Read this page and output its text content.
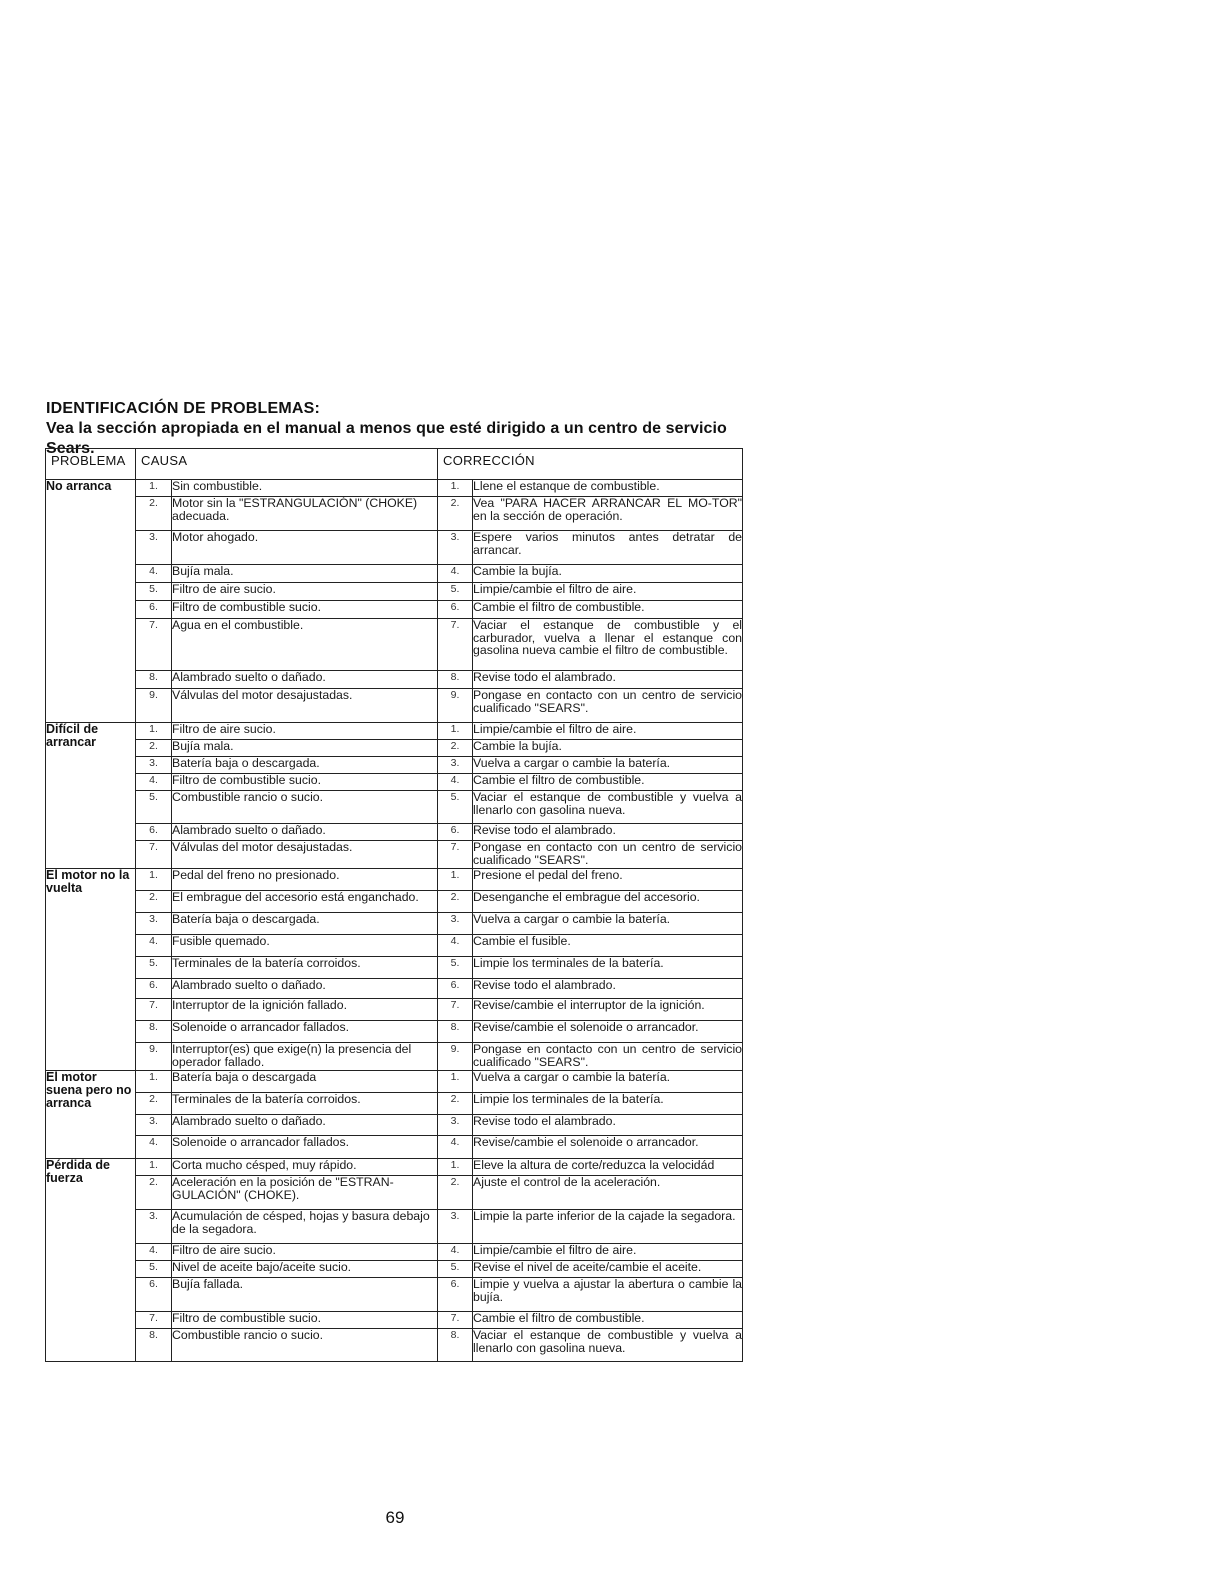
IDENTIFICACIÓN DE PROBLEMAS:
Vea la sección apropiada en el manual a menos que esté dirigido a un centro de servicio Sears.
PROBLEMA	CAUSA		CORRECCIÓN	
No arranca	1.	Sin combustible.	1.	Llene el estanque de combustible.
	2.	Motor sin la "ESTRANGULACIÓN" (CHOKE) adecuada.	2.	Vea "PARA HACER ARRANCAR EL MO-TOR" en la sección de operación.
	3.	Motor ahogado.	3.	Espere varios minutos antes detratar de arrancar.
	4.	Bujía mala.	4.	Cambie la bujía.
	5.	Filtro de aire sucio.	5.	Limpie/cambie el filtro de aire.
	6.	Filtro de combustible sucio.	6.	Cambie el filtro de combustible.
	7.	Agua en el combustible.	7.	Vaciar el estanque de combustible y el carburador, vuelva a llenar el estanque con gasolina nueva cambie el filtro de combustible.
	8.	Alambrado suelto o dañado.	8.	Revise todo el alambrado.
	9.	Válvulas del motor desajustadas.	9.	Pongase en contacto con un centro de servicio cualificado "SEARS".
Difícil de arrancar	1.	Filtro de aire sucio.	1.	Limpie/cambie el filtro de aire.
	2.	Bujía mala.	2.	Cambie la bujía.
	3.	Batería baja o descargada.	3.	Vuelva a cargar o cambie la batería.
	4.	Filtro de combustible sucio.	4.	Cambie el filtro de combustible.
	5.	Combustible rancio o sucio.	5.	Vaciar el estanque de combustible y vuelva a llenarlo con gasolina nueva.
	6.	Alambrado suelto o dañado.	6.	Revise todo el alambrado.
	7.	Válvulas del motor desajustadas.	7.	Pongase en contacto con un centro de servicio cualificado "SEARS".
El motor no la vuelta	1.	Pedal del freno no presionado.	1.	Presione el pedal del freno.
	2.	El embrague del accesorio está enganchado.	2.	Desenganche el embrague del accesorio.
	3.	Batería baja o descargada.	3.	Vuelva a cargar o cambie la batería.
	4.	Fusible quemado.	4.	Cambie el fusible.
	5.	Terminales de la batería corroidos.	5.	Limpie los terminales de la batería.
	6.	Alambrado suelto o dañado.	6.	Revise todo el alambrado.
	7.	Interruptor de la ignición fallado.	7.	Revise/cambie el interruptor de la ignición.
	8.	Solenoide o arrancador fallados.	8.	Revise/cambie el solenoide o arrancador.
	9.	Interruptor(es) que exige(n) la presencia del operador fallado.	9.	Pongase en contacto con un centro de servicio cualificado "SEARS".
El motor suena pero no arranca	1.	Batería baja o descargada	1.	Vuelva a cargar o cambie la batería.
	2.	Terminales de la batería corroidos.	2.	Limpie los terminales de la batería.
	3.	Alambrado suelto o dañado.	3.	Revise todo el alambrado.
	4.	Solenoide o arrancador fallados.	4.	Revise/cambie el solenoide o arrancador.
Pérdida de fuerza	1.	Corta mucho césped, muy rápido.	1.	Eleve la altura de corte/reduzca la velocidád
	2.	Aceleración en la posición de "ESTRAN-GULACIÓN" (CHOKE).	2.	Ajuste el control de la aceleración.
	3.	Acumulación de césped, hojas y basura debajo de la segadora.	3.	Limpie la parte inferior de la cajade la segadora.
	4.	Filtro de aire sucio.	4.	Limpie/cambie el filtro de aire.
	5.	Nivel de aceite bajo/aceite sucio.	5.	Revise el nivel de aceite/cambie el aceite.
	6.	Bujía fallada.	6.	Limpie y vuelva a ajustar la abertura o cambie la bujía.
	7.	Filtro de combustible sucio.	7.	Cambie el filtro de combustible.
	8.	Combustible rancio o sucio.	8.	Vaciar el estanque de combustible y vuelva a llenarlo con gasolina nueva.
69
